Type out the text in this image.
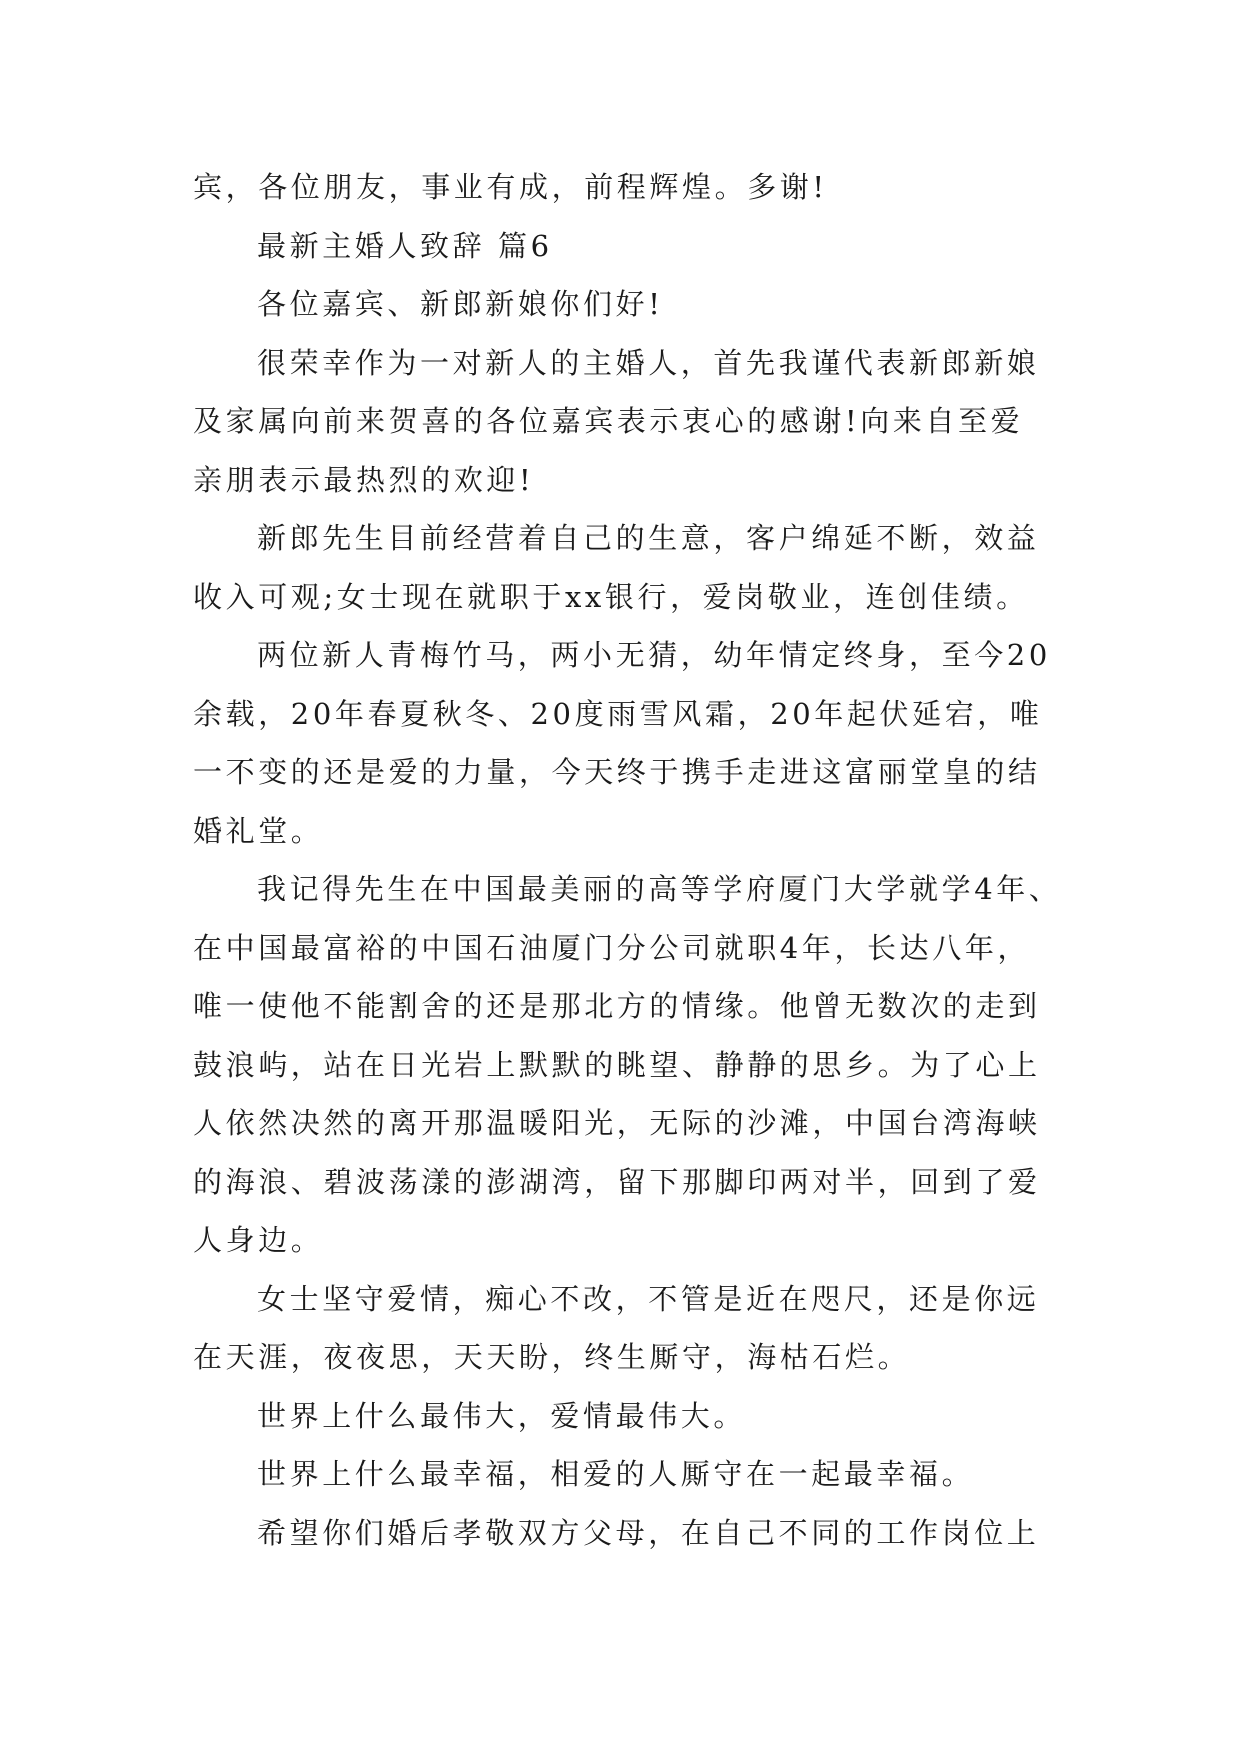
宾，各位朋友，事业有成，前程辉煌。多谢!
最新主婚人致辞 篇6
各位嘉宾、新郎新娘你们好!
很荣幸作为一对新人的主婚人，首先我谨代表新郎新娘
及家属向前来贺喜的各位嘉宾表示衷心的感谢!向来自至爱
亲朋表示最热烈的欢迎!
新郎先生目前经营着自己的生意，客户绵延不断，效益
收入可观;女士现在就职于xx银行，爱岗敬业，连创佳绩。
两位新人青梅竹马，两小无猜，幼年情定终身，至今20
余载，20年春夏秋冬、20度雨雪风霜，20年起伏延宕，唯
一不变的还是爱的力量，今天终于携手走进这富丽堂皇的结
婚礼堂。
我记得先生在中国最美丽的高等学府厦门大学就学4年、
在中国最富裕的中国石油厦门分公司就职4年，长达八年，
唯一使他不能割舍的还是那北方的情缘。他曾无数次的走到
鼓浪屿，站在日光岩上默默的眺望、静静的思乡。为了心上
人依然决然的离开那温暖阳光，无际的沙滩，中国台湾海峡
的海浪、碧波荡漾的澎湖湾，留下那脚印两对半，回到了爱
人身边。
女士坚守爱情，痴心不改，不管是近在咫尺，还是你远
在天涯，夜夜思，天天盼，终生厮守，海枯石烂。
世界上什么最伟大，爱情最伟大。
世界上什么最幸福，相爱的人厮守在一起最幸福。
希望你们婚后孝敬双方父母，在自己不同的工作岗位上
